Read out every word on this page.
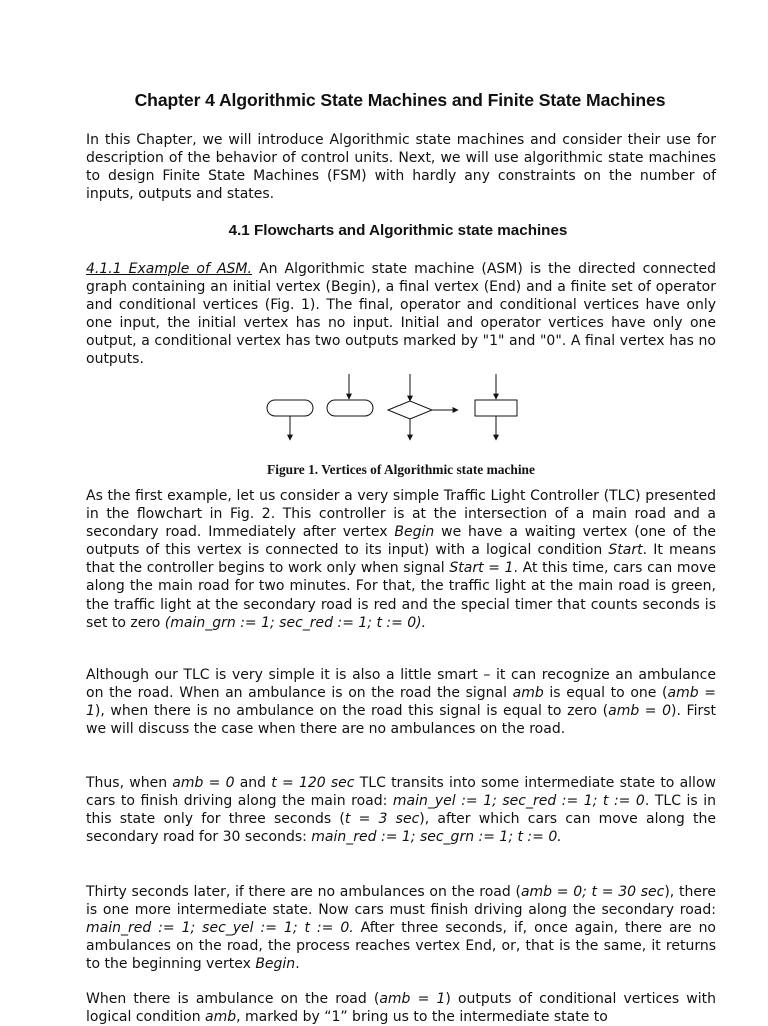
Chapter 4 Algorithmic State Machines and Finite State Machines

In this Chapter, we will introduce Algorithmic state machines and consider their use for description of the behavior of control units. Next, we will use algorithmic state machines to design Finite State Machines (FSM) with hardly any constraints on the number of inputs, outputs and states.

4.1 Flowcharts and Algorithmic state machines

4.1.1 Example of ASM. An Algorithmic state machine (ASM) is the directed connected graph containing an initial vertex (Begin), a final vertex (End) and a finite set of operator and conditional vertices (Fig. 1). The final, operator and conditional vertices have only one input, the initial vertex has no input. Initial and operator vertices have only one output, a conditional vertex has two outputs marked by "1" and "0". A final vertex has no outputs.

Figure 1. Vertices of Algorithmic state machine

As the first example, let us consider a very simple Traffic Light Controller (TLC) presented in the flowchart in Fig. 2. This controller is at the intersection of a main road and a secondary road. Immediately after vertex Begin we have a waiting vertex (one of the outputs of this vertex is connected to its input) with a logical condition Start. It means that the controller begins to work only when signal Start = 1. At this time, cars can move along the main road for two minutes. For that, the traffic light at the main road is green, the traffic light at the secondary road is red and the special timer that counts seconds is set to zero (main_grn := 1; sec_red := 1; t := 0).

Although our TLC is very simple it is also a little smart – it can recognize an ambulance on the road. When an ambulance is on the road the signal amb is equal to one (amb = 1), when there is no ambulance on the road this signal is equal to zero (amb = 0). First we will discuss the case when there are no ambulances on the road.

Thus, when amb = 0 and t = 120 sec TLC transits into some intermediate state to allow cars to finish driving along the main road: main_yel := 1; sec_red := 1; t := 0. TLC is in this state only for three seconds (t = 3 sec), after which cars can move along the secondary road for 30 seconds: main_red := 1; sec_grn := 1; t := 0.

Thirty seconds later, if there are no ambulances on the road (amb = 0; t = 30 sec), there is one more intermediate state. Now cars must finish driving along the secondary road: main_red := 1; sec_yel := 1; t := 0. After three seconds, if, once again, there are no ambulances on the road, the process reaches vertex End, or, that is the same, it returns to the beginning vertex Begin.

When there is ambulance on the road (amb = 1) outputs of conditional vertices with logical condition amb, marked by “1” bring us to the intermediate state to
